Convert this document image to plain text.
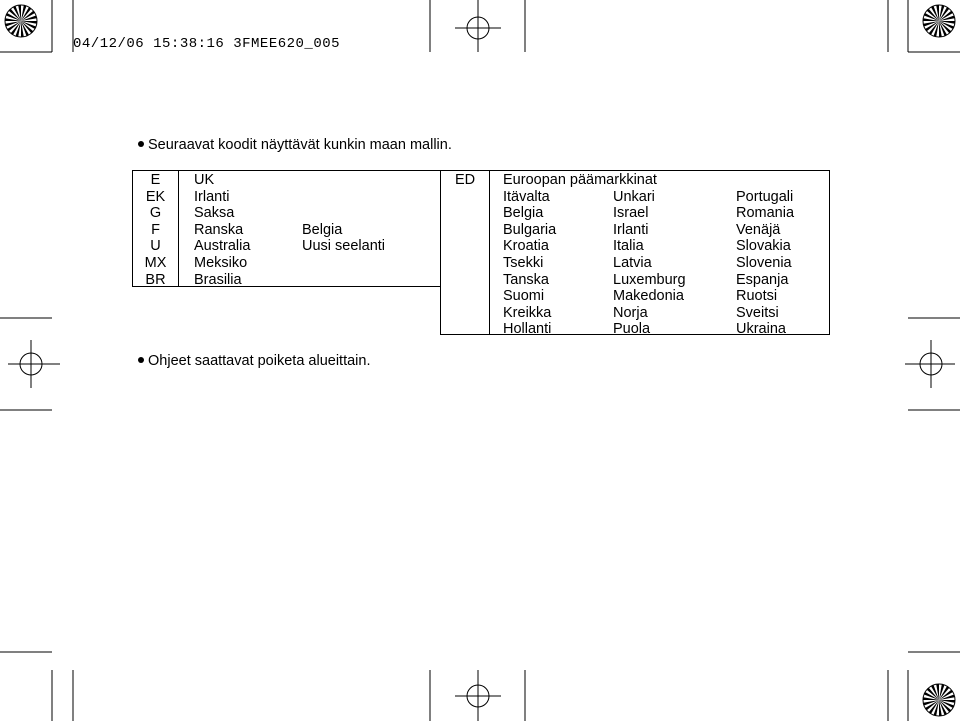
04/12/06 15:38:16 3FMEE620_005
Seuraavat koodit näyttävät kunkin maan mallin.
E	UK
EK	Irlanti
G	Saksa
F	Ranska	Belgia
U	Australia	Uusi seelanti
MX	Meksiko
BR	Brasilia
ED Euroopan päämarkkinat
Itävalta	Unkari	Portugali
Belgia	Israel	Romania
Bulgaria	Irlanti	Venäjä
Kroatia	Italia	Slovakia
Tsekki	Latvia	Slovenia
Tanska	Luxemburg	Espanja
Suomi	Makedonia	Ruotsi
Kreikka	Norja	Sveitsi
Hollanti	Puola	Ukraina
Ohjeet saattavat poiketa alueittain.
